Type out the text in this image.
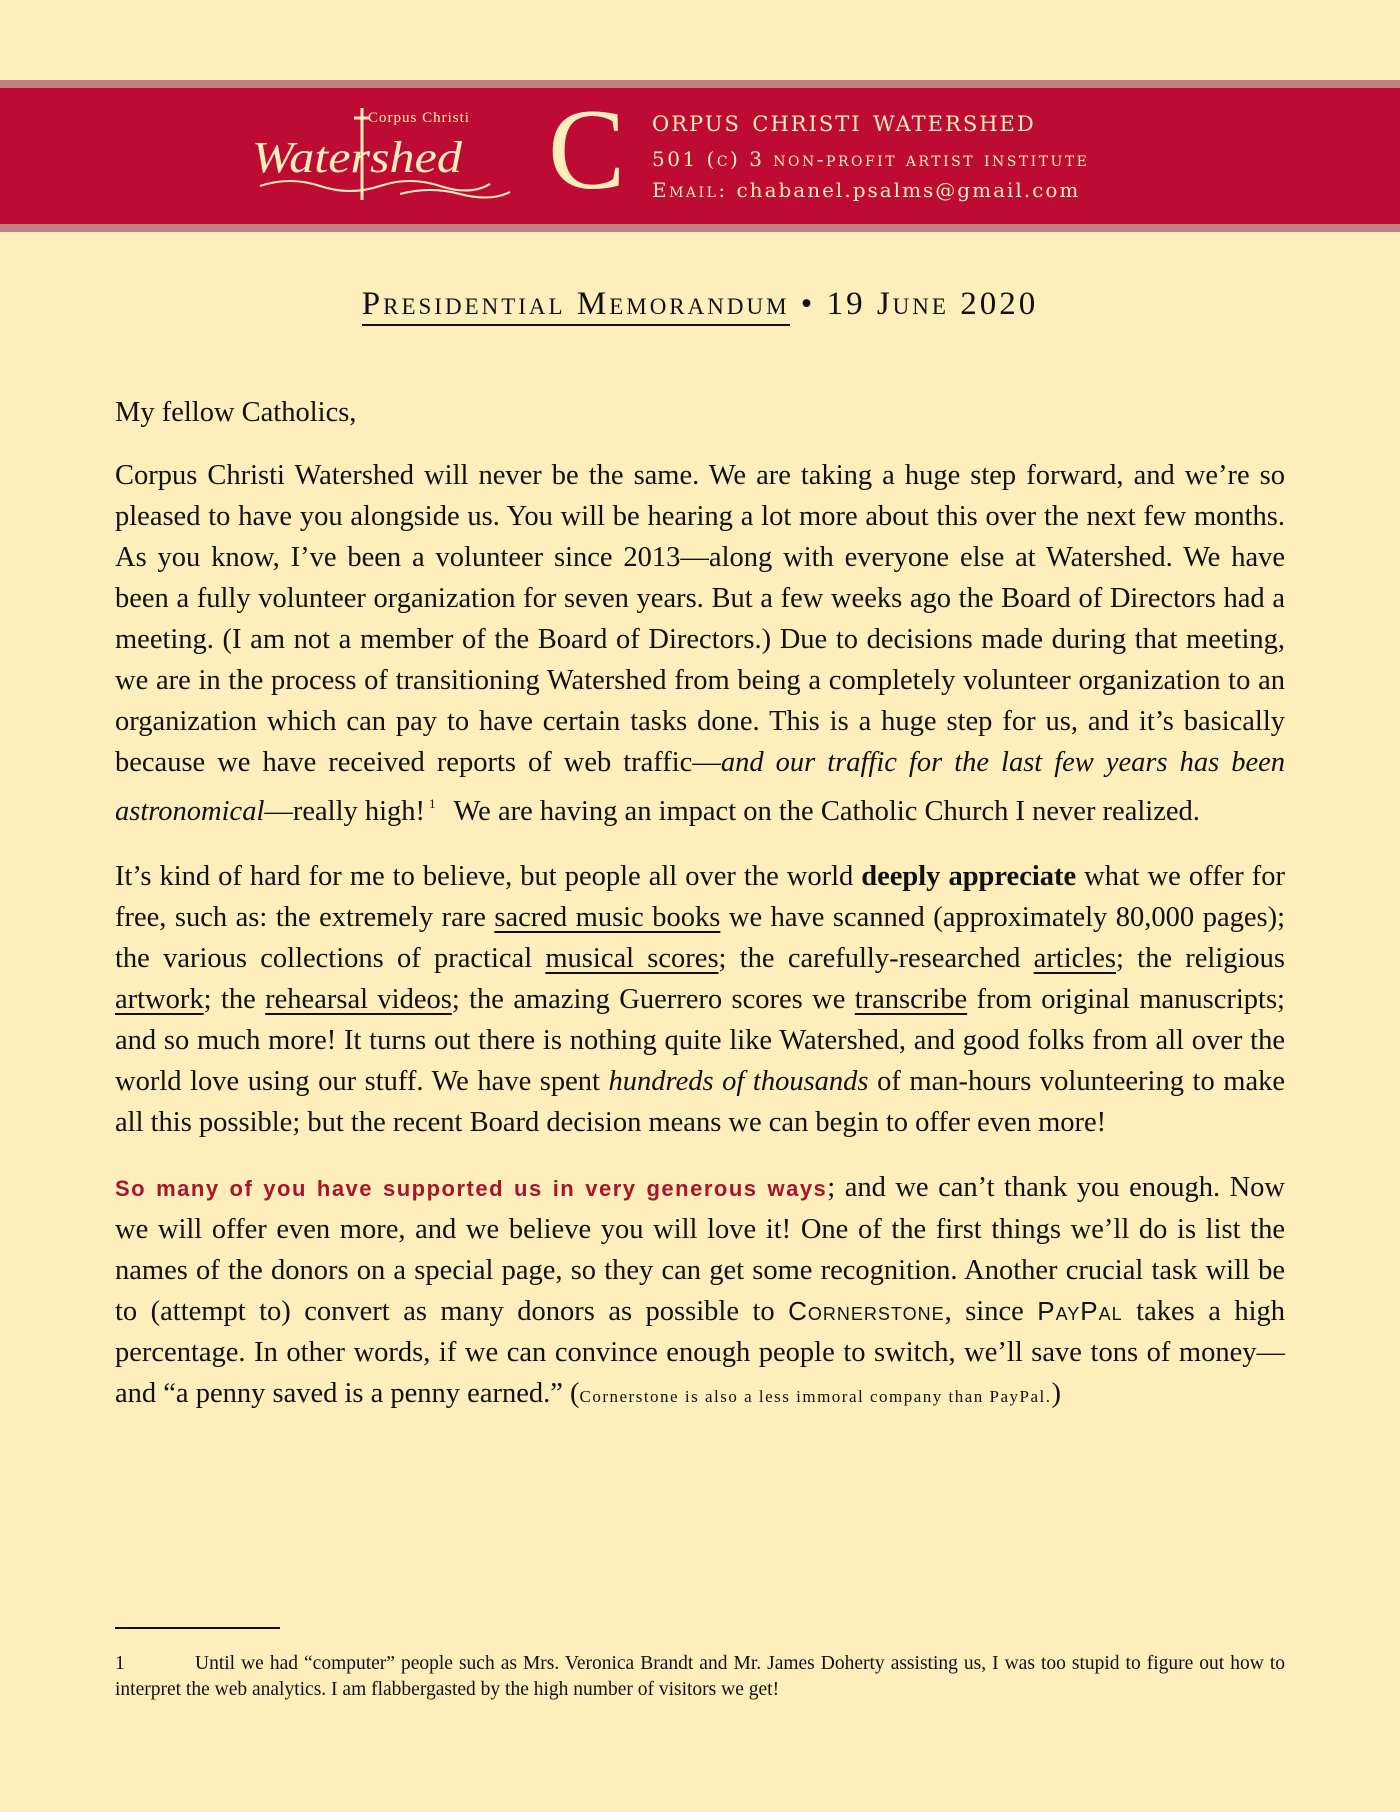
Corpus Christi
Watershed C orpus christi watershed
501 (c) 3 non-profit artist institute
Email: chabanel.psalms@gmail.com
Presidential Memorandum • 19 June 2020

My fellow Catholics,

Corpus Christi Watershed will never be the same. We are taking a huge step forward, and we’re so pleased to have you alongside us. You will be hearing a lot more about this over the next few months. As you know, I’ve been a volunteer since 2013—along with everyone else at Watershed. We have been a fully volunteer organization for seven years. But a few weeks ago the Board of Directors had a meeting. (I am not a member of the Board of Directors.) Due to decisions made during that meeting, we are in the process of transitioning Watershed from being a completely volunteer organization to an organization which can pay to have certain tasks done. This is a huge step for us, and it’s basically because we have received reports of web traffic—and our traffic for the last few years has been astronomical—really high! $^1$ We are having an impact on the Catholic Church I never realized.

It’s kind of hard for me to believe, but people all over the world deeply appreciate what we offer for free, such as: the extremely rare sacred music books we have scanned (approximately 80,000 pages); the various collections of practical musical scores; the carefully-researched articles; the religious artwork; the rehearsal videos; the amazing Guerrero scores we transcribe from original manuscripts; and so much more! It turns out there is nothing quite like Watershed, and good folks from all over the world love using our stuff. We have spent hundreds of thousands of man-hours volunteering to make all this possible; but the recent Board decision means we can begin to offer even more!

So many of you have supported us in very generous ways; and we can’t thank you enough. Now we will offer even more, and we believe you will love it! One of the first things we’ll do is list the names of the donors on a special page, so they can get some recognition. Another crucial task will be to (attempt to) convert as many donors as possible to Cornerstone, since PayPal takes a high percentage. In other words, if we can convince enough people to switch, we’ll save tons of money—and “a penny saved is a penny earned.” (Cornerstone is also a less immoral company than PayPal.)

1	Until we had “computer” people such as Mrs. Veronica Brandt and Mr. James Doherty assisting us, I was too stupid to figure out how to interpret the web analytics. I am flabbergasted by the high number of visitors we get!
